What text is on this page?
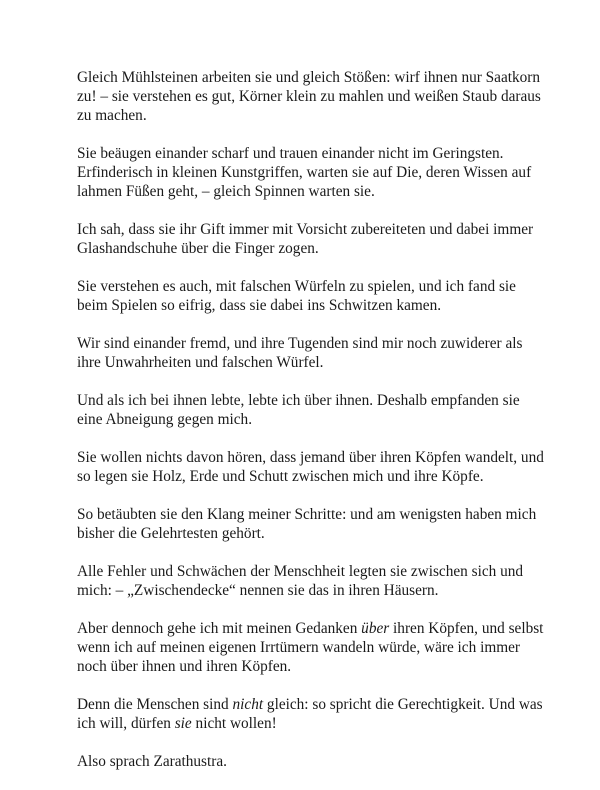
Gleich Mühlsteinen arbeiten sie und gleich Stößen: wirf ihnen nur Saatkorn zu! – sie verstehen es gut, Körner klein zu mahlen und weißen Staub daraus zu machen.

Sie beäugen einander scharf und trauen einander nicht im Geringsten. Erfinderisch in kleinen Kunstgriffen, warten sie auf Die, deren Wissen auf lahmen Füßen geht, – gleich Spinnen warten sie.

Ich sah, dass sie ihr Gift immer mit Vorsicht zubereiteten und dabei immer Glashandschuhe über die Finger zogen.

Sie verstehen es auch, mit falschen Würfeln zu spielen, und ich fand sie beim Spielen so eifrig, dass sie dabei ins Schwitzen kamen.

Wir sind einander fremd, und ihre Tugenden sind mir noch zuwiderer als ihre Unwahrheiten und falschen Würfel.

Und als ich bei ihnen lebte, lebte ich über ihnen. Deshalb empfanden sie eine Abneigung gegen mich.

Sie wollen nichts davon hören, dass jemand über ihren Köpfen wandelt, und so legen sie Holz, Erde und Schutt zwischen mich und ihre Köpfe.

So betäubten sie den Klang meiner Schritte: und am wenigsten haben mich bisher die Gelehrtesten gehört.

Alle Fehler und Schwächen der Menschheit legten sie zwischen sich und mich: – „Zwischendecke“ nennen sie das in ihren Häusern.

Aber dennoch gehe ich mit meinen Gedanken über ihren Köpfen, und selbst wenn ich auf meinen eigenen Irrtümern wandeln würde, wäre ich immer noch über ihnen und ihren Köpfen.

Denn die Menschen sind nicht gleich: so spricht die Gerechtigkeit. Und was ich will, dürfen sie nicht wollen!

Also sprach Zarathustra.
